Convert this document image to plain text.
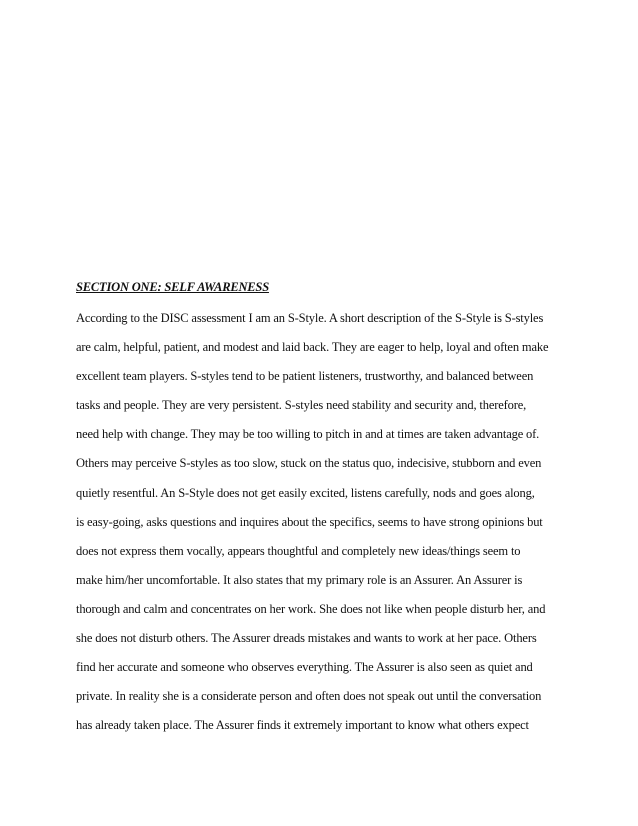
SECTION ONE: SELF AWARENESS
According to the DISC assessment I am an S-Style. A short description of the S-Style is S-styles
are calm, helpful, patient, and modest and laid back. They are eager to help, loyal and often make
excellent team players. S-styles tend to be patient listeners, trustworthy, and balanced between
tasks and people. They are very persistent. S-styles need stability and security and, therefore,
need help with change. They may be too willing to pitch in and at times are taken advantage of.
Others may perceive S-styles as too slow, stuck on the status quo, indecisive, stubborn and even
quietly resentful. An S-Style does not get easily excited, listens carefully, nods and goes along,
is easy-going, asks questions and inquires about the specifics, seems to have strong opinions but
does not express them vocally, appears thoughtful and completely new ideas/things seem to
make him/her uncomfortable. It also states that my primary role is an Assurer. An Assurer is
thorough and calm and concentrates on her work. She does not like when people disturb her, and
she does not disturb others. The Assurer dreads mistakes and wants to work at her pace. Others
find her accurate and someone who observes everything. The Assurer is also seen as quiet and
private. In reality she is a considerate person and often does not speak out until the conversation
has already taken place. The Assurer finds it extremely important to know what others expect
